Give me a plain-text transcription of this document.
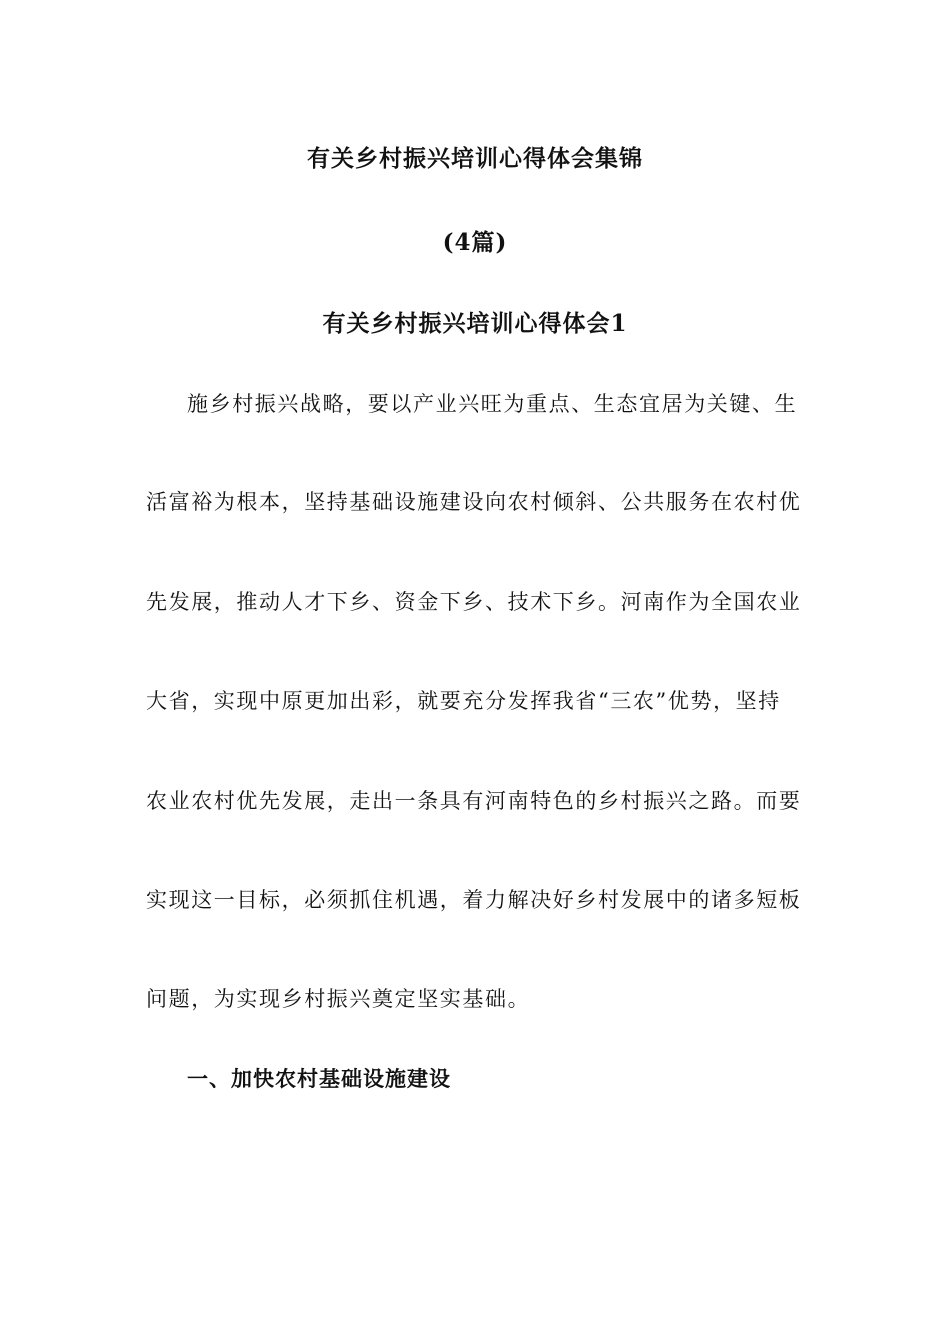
有关乡村振兴培训心得体会集锦
(4篇)
有关乡村振兴培训心得体会1
施乡村振兴战略，要以产业兴旺为重点、生态宜居为关键、生
活富裕为根本，坚持基础设施建设向农村倾斜、公共服务在农村优
先发展，推动人才下乡、资金下乡、技术下乡。河南作为全国农业
大省，实现中原更加出彩，就要充分发挥我省“三农”优势，坚持
农业农村优先发展，走出一条具有河南特色的乡村振兴之路。而要
实现这一目标，必须抓住机遇，着力解决好乡村发展中的诸多短板
问题，为实现乡村振兴奠定坚实基础。
一、加快农村基础设施建设
